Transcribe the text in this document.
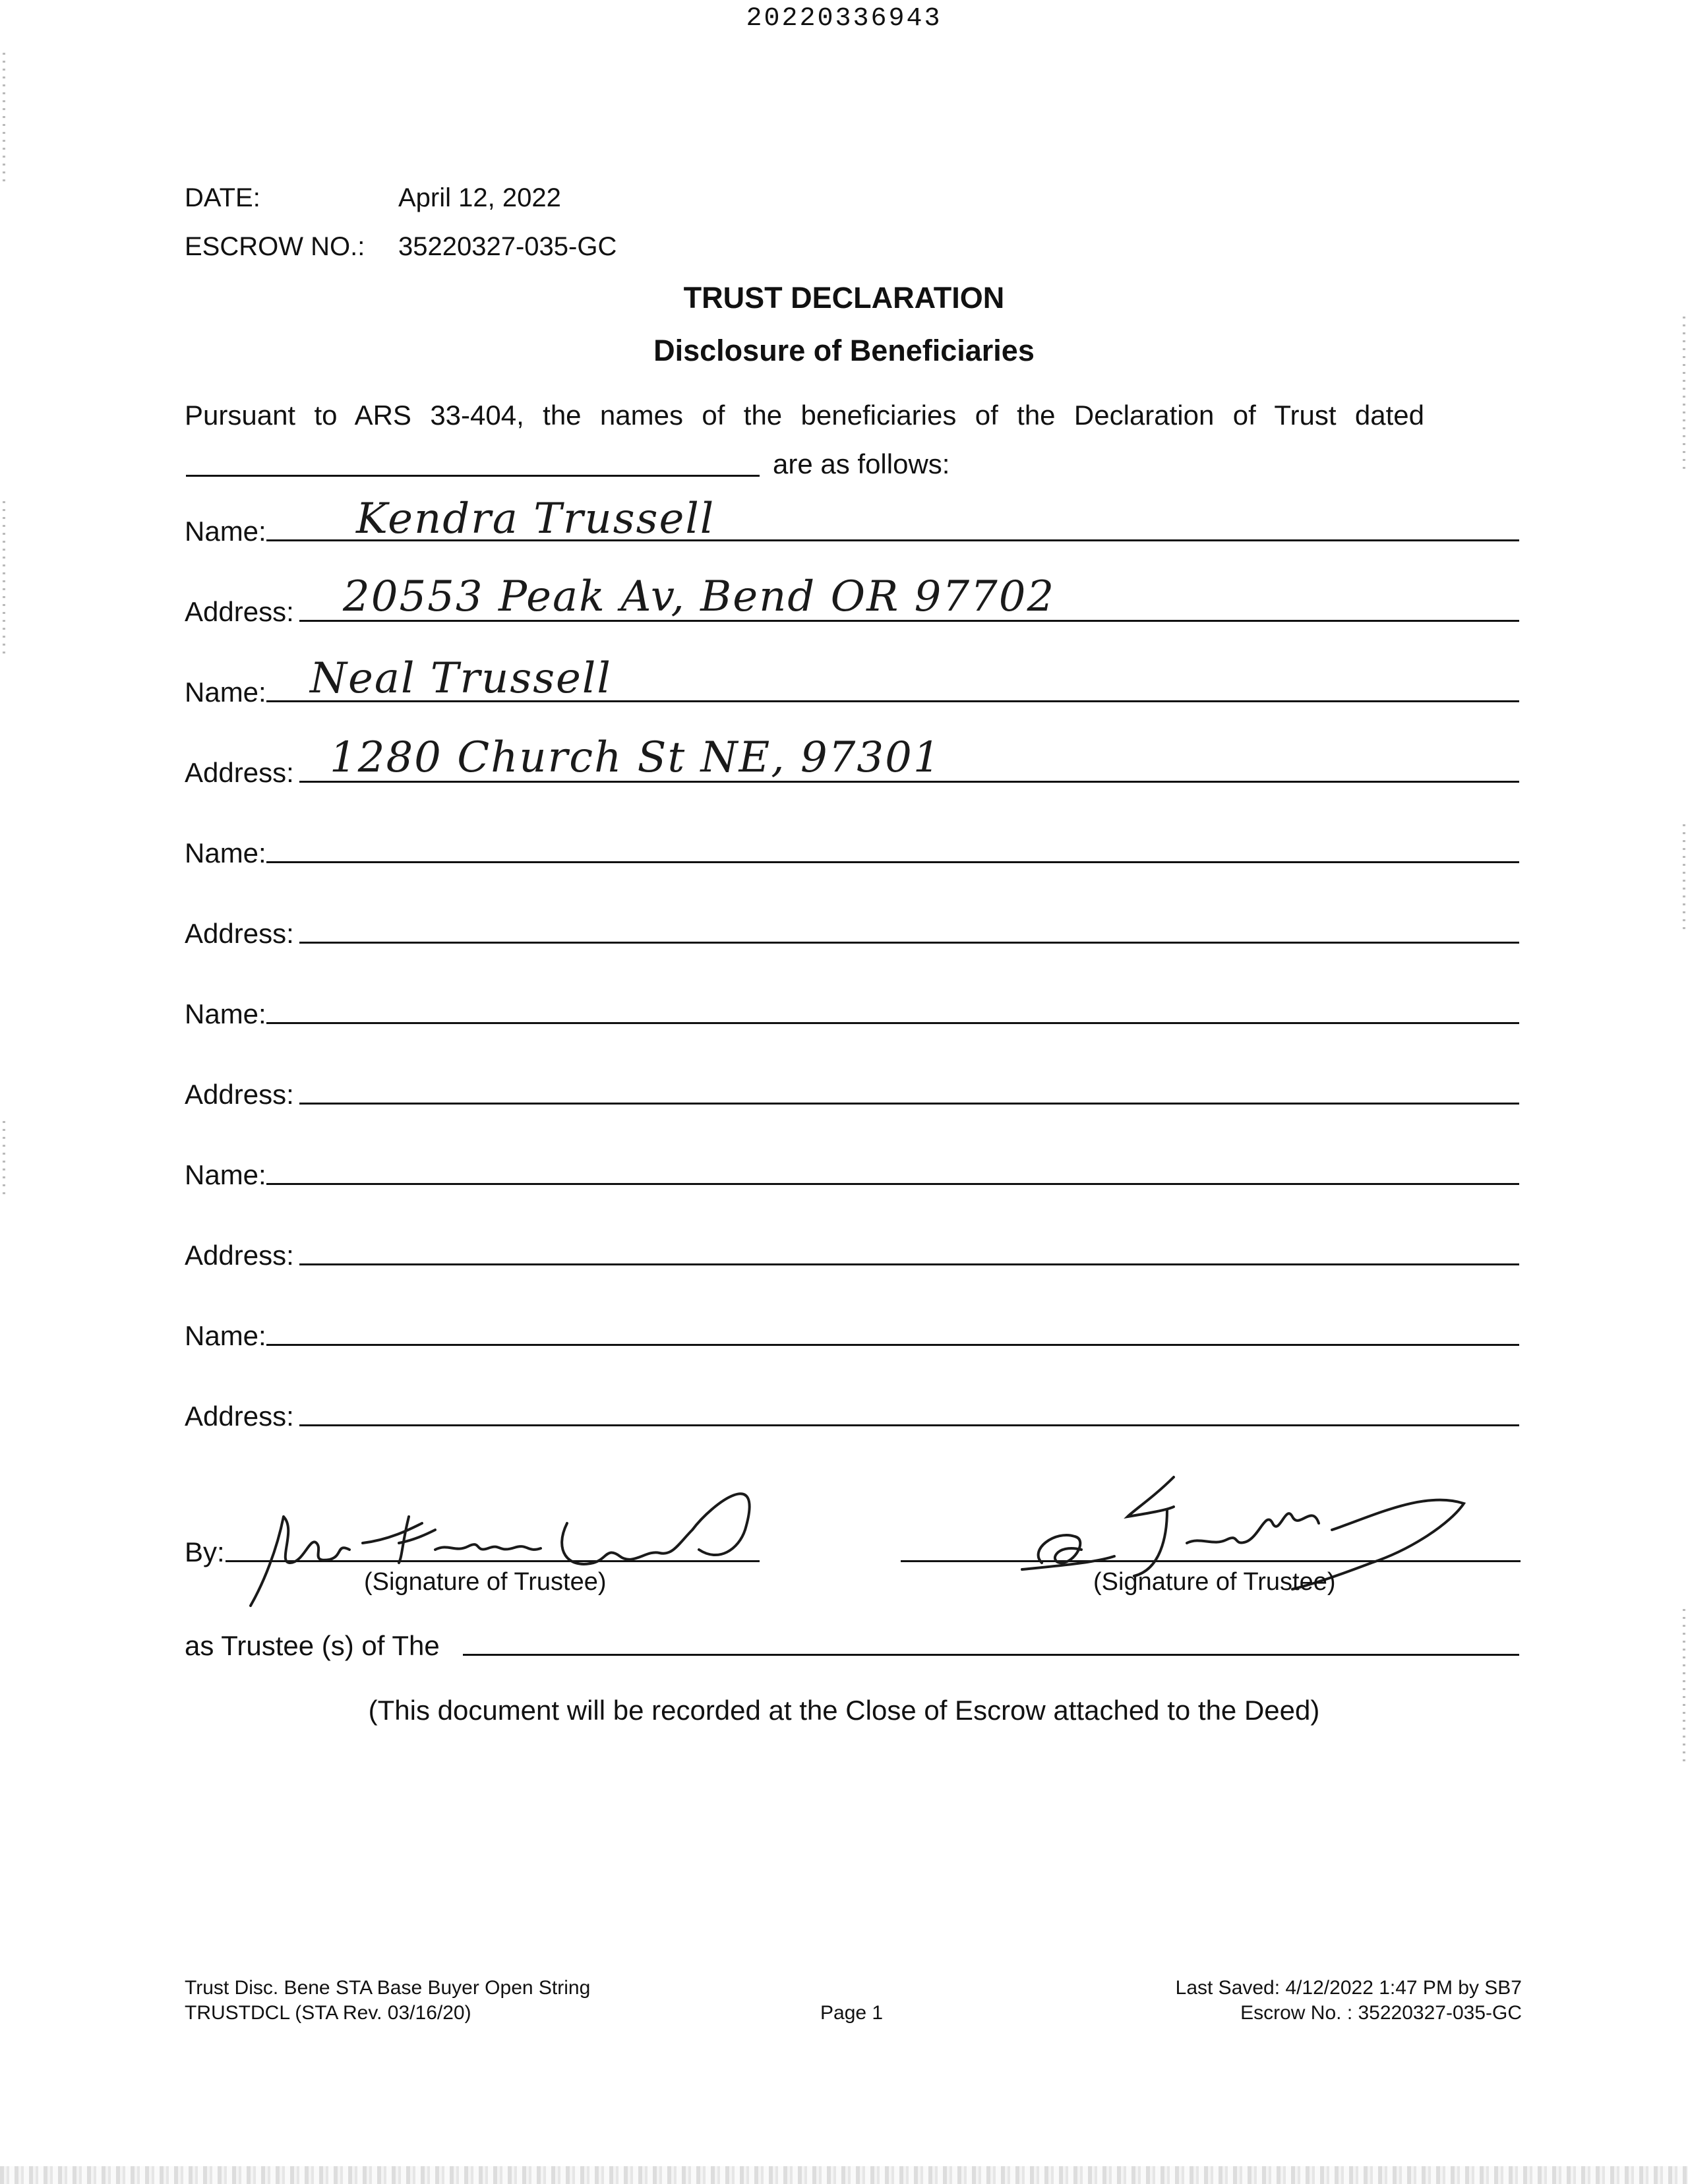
20220336943
DATE:	April 12, 2022
ESCROW NO.: 35220327-035-GC
TRUST DECLARATION
Disclosure of Beneficiaries
Pursuant to ARS 33-404, the names of the beneficiaries of the Declaration of Trust dated
are as follows:
Name: Kendra Trussell
Address: 20553 Peak Av, Bend OR 97702
Name: Neal Trussell
Address: 1280 Church St NE, 97301
Name:
Address:
Name:
Address:
Name:
Address:
Name:
Address:
By:
(Signature of Trustee)	(Signature of Trustee)
as Trustee (s) of The
(This document will be recorded at the Close of Escrow attached to the Deed)
Trust Disc. Bene STA Base Buyer Open String
TRUSTDCL (STA Rev. 03/16/20)	Page 1
Last Saved: 4/12/2022 1:47 PM by SB7
Escrow No. : 35220327-035-GC
